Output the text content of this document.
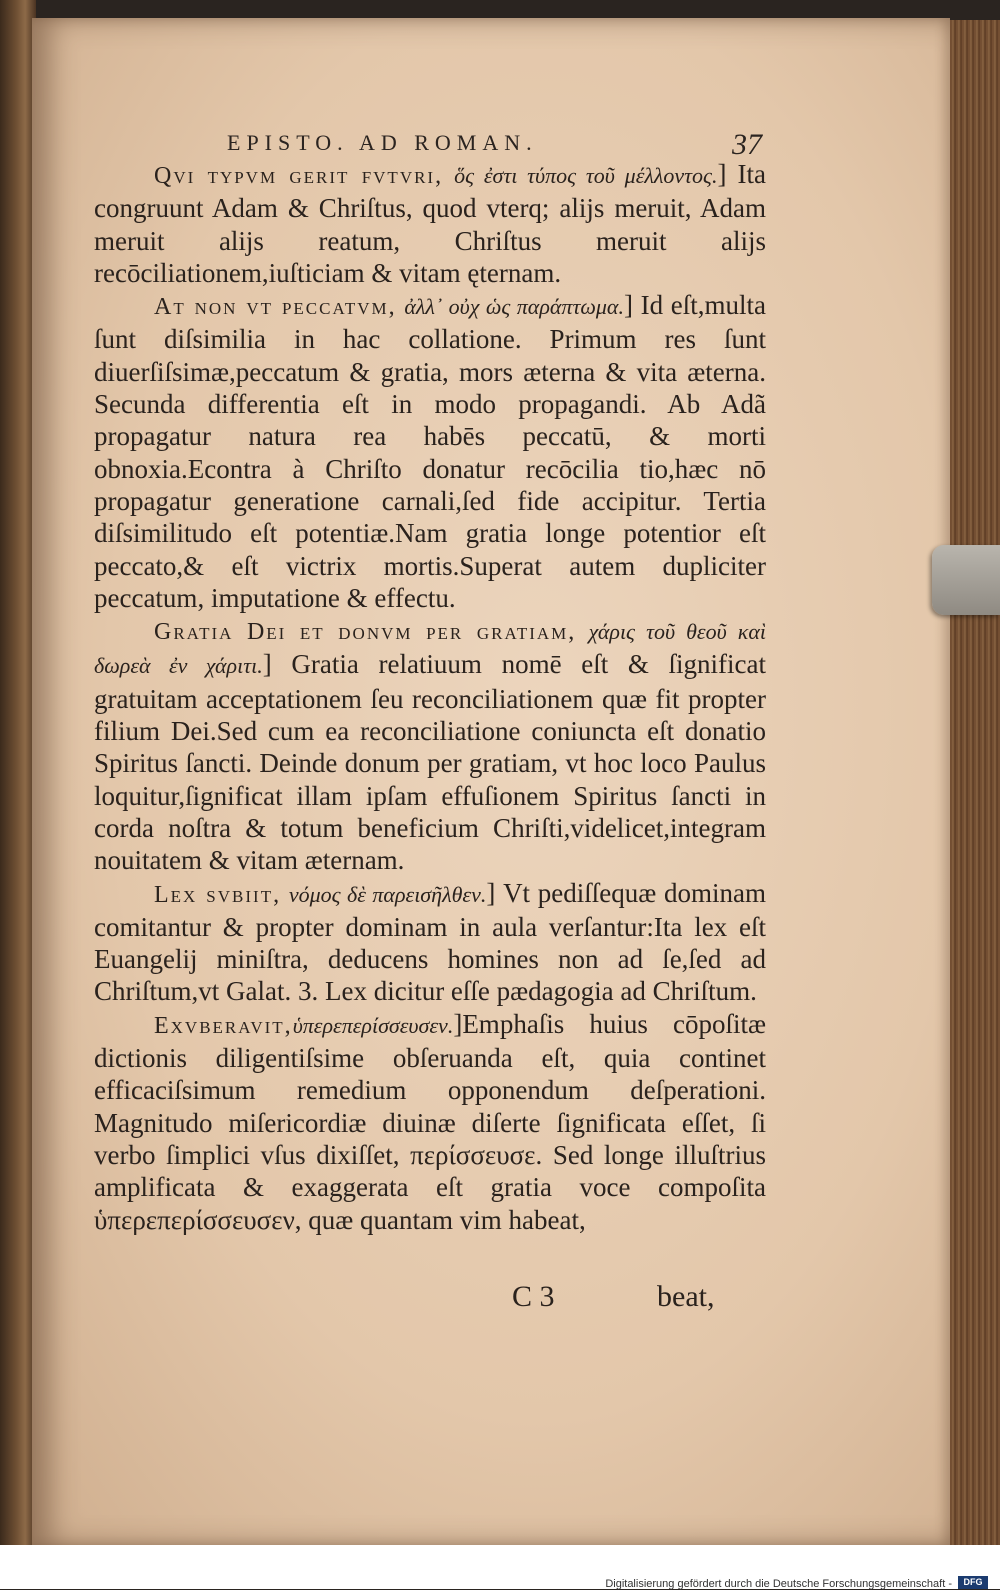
EPISTO. AD ROMAN.	37

Qvi typvm gerit fvtvri, ὅς ἐστι τύπος τοῦ μέλλοντος.] Ita congruunt Adam & Chriſtus, quod vterq; alijs meruit, Adam meruit alijs reatum, Chriſtus meruit alijs recōciliationem,iuſticiam & vitam ęternam.

At non vt peccatvm, ἀλλ᾽ οὐχ ὡς παράπτωμα.] Id eſt,multa ſunt diſsimilia in hac collatione. Primum res ſunt diuerſiſsimæ,peccatum & gratia, mors æterna & vita æterna. Secunda differentia eſt in modo propagandi. Ab Adã propagatur natura rea habēs peccatū, & morti obnoxia.Econtra à Chriſto donatur recōcilia tio,hæc nō propagatur generatione carnali,ſed fide accipitur. Tertia diſsimilitudo eſt potentiæ.Nam gratia longe potentior eſt peccato,& eſt victrix mortis.Superat autem dupliciter peccatum, imputatione & effectu.

Gratia Dei et donvm per gratiam, χάρις τοῦ θεοῦ καὶ δωρεὰ ἐν χάριτι.] Gratia relatiuum nomē eſt & ſignificat gratuitam acceptationem ſeu reconciliationem quæ fit propter filium Dei.Sed cum ea reconciliatione coniuncta eſt donatio Spiritus ſancti. Deinde donum per gratiam, vt hoc loco Paulus loquitur,ſignificat illam ipſam effuſionem Spiritus ſancti in corda noſtra & totum beneficium Chriſti,videlicet,integram nouitatem & vitam æternam.

Lex svbiit, νόμος δὲ παρεισῆλθεν.] Vt pediſſequæ dominam comitantur & propter dominam in aula verſantur:Ita lex eſt Euangelij miniſtra, deducens homines non ad ſe,ſed ad Chriſtum,vt Galat. 3. Lex dicitur eſſe pædagogia ad Chriſtum.

Exvberavit,ὑπερεπερίσσευσεν.]Emphaſis huius cōpoſitæ dictionis diligentiſsime obſeruanda eſt, quia continet efficaciſsimum remedium opponendum deſperationi. Magnitudo miſericordiæ diuinæ diſerte ſignificata eſſet, ſi verbo ſimplici vſus dixiſſet, περίσσευσε. Sed longe illuſtrius amplificata & exaggerata eſt gratia voce compoſita ὑπερεπερίσσευσεν, quæ quantam vim habeat,

C 3	beat,
Digitalisierung gefördert durch die Deutsche Forschungsgemeinschaft -	DFG
